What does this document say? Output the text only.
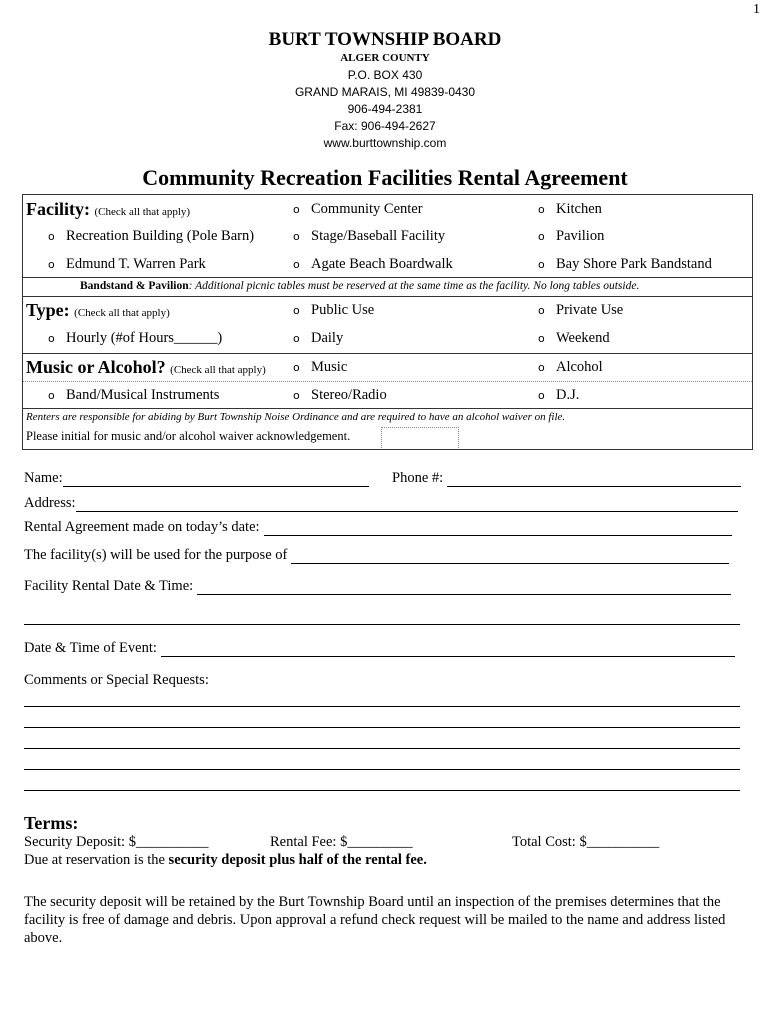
1
BURT TOWNSHIP BOARD
ALGER COUNTY
P.O. BOX 430
GRAND MARAIS, MI 49839-0430
906-494-2381
Fax: 906-494-2627
www.burttownship.com
Community Recreation Facilities Rental Agreement
Facility: (Check all that apply)	o Community Center	o Kitchen
o Recreation Building (Pole Barn)	o Stage/Baseball Facility	o Pavilion
o Edmund T. Warren Park	o Agate Beach Boardwalk	o Bay Shore Park Bandstand
Bandstand & Pavilion: Additional picnic tables must be reserved at the same time as the facility. No long tables outside.
Type: (Check all that apply)	o Public Use	o Private Use
o Hourly (#of Hours______)	o Daily	o Weekend
Music or Alcohol? (Check all that apply) o Music	o Alcohol
o Band/Musical Instruments	o Stereo/Radio	o D.J.
Renters are responsible for abiding by Burt Township Noise Ordinance and are required to have an alcohol waiver on file.
Please initial for music and/or alcohol waiver acknowledgement.
Name:	Phone #:
Address:
Rental Agreement made on today’s date:
The facility(s) will be used for the purpose of
Facility Rental Date & Time:
Date & Time of Event:
Comments or Special Requests:
Terms:
Security Deposit: $__________	Rental Fee: $_________	Total Cost: $__________
Due at reservation is the security deposit plus half of the rental fee.
The security deposit will be retained by the Burt Township Board until an inspection of the premises determines that the facility is free of damage and debris. Upon approval a refund check request will be mailed to the name and address listed above.
